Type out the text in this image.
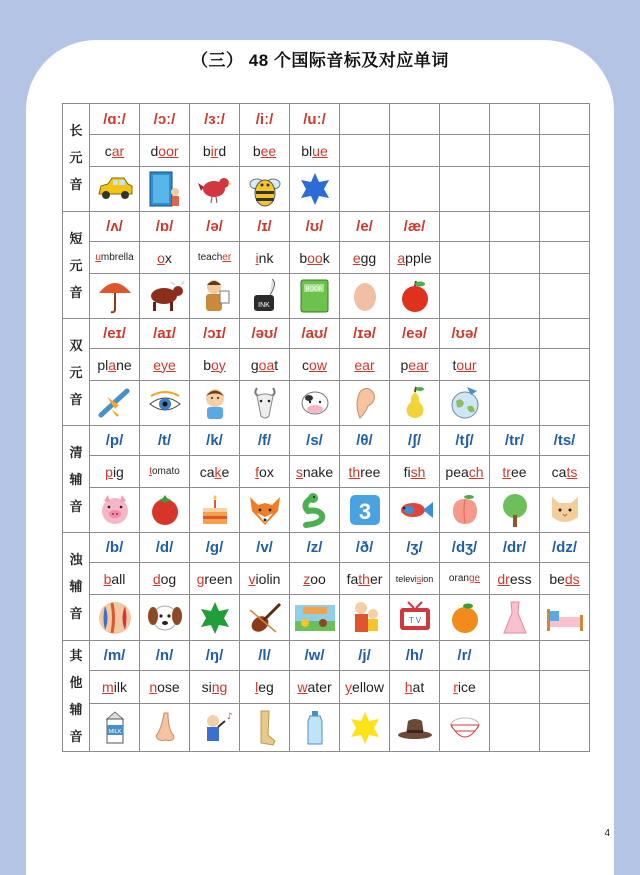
（三） 48 个国际音标及对应单词
长
元
音	/ɑː/	/ɔː/	/ɜː/	/iː/	/uː/					
	car	door	bird	bee	blue					

短
元
音	/ʌ/	/ɒ/	/ə/	/ɪ/	/ʊ/	/e/	/æ/			
	umbrella	ox	teacher	ink	book	egg	apple			

INK	BOOK

双
元
音	/eɪ/	/aɪ/	/ɔɪ/	/əʊ/	/aʊ/	/ɪə/	/eə/	/ʊə/		
	plane	eye	boy	goat	cow	ear	pear	tour		

清
辅
音	/p/	/t/	/k/	/f/	/s/	/θ/	/ʃ/	/tʃ/	/tr/	/ts/
	pig	tomato	cake	fox	snake	three	fish	peach	tree	cats

3

浊
辅
音	/b/	/d/	/g/	/v/	/z/	/ð/	/ʒ/	/dʒ/	/dr/	/dz/
	ball	dog	green	violin	zoo	father	television	orange	dress	beds

T V

其
他
辅
音	/m/	/n/	/ŋ/	/l/	/w/	/j/	/h/	/r/		
	milk	nose	sing	leg	water	yellow	hat	rice		

MILK		♪

4
